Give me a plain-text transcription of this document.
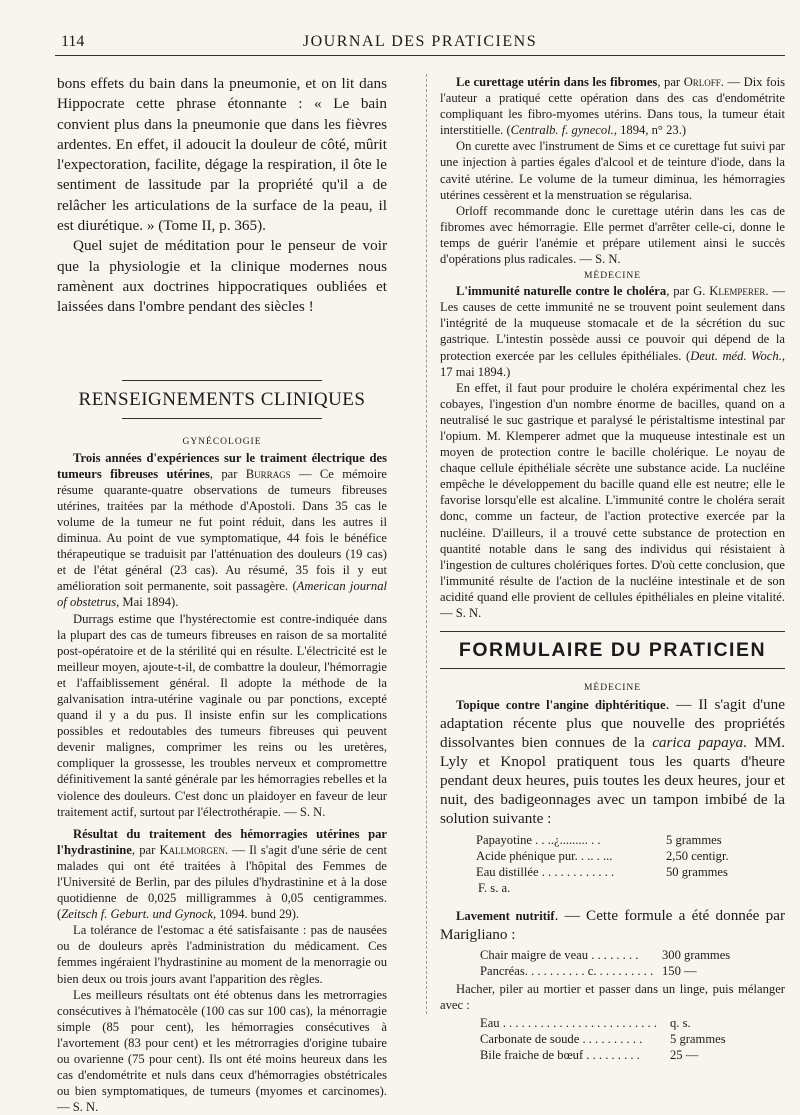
114	JOURNAL DES PRATICIENS

bons effets du bain dans la pneumonie, et on lit dans Hippocrate cette phrase étonnante : « Le bain convient plus dans la pneumonie que dans les fièvres ardentes. En effet, il adoucit la douleur de côté, mûrit l'expectoration, facilite, dégage la respiration, il ôte le sentiment de lassitude par la propriété qu'il a de relâcher les articulations de la surface de la peau, il est diurétique. » (Tome II, p. 365).

Quel sujet de méditation pour le penseur de voir que la physiologie et la clinique modernes nous ramènent aux doctrines hippocratiques oubliées et laissées dans l'ombre pendant des siècles !

RENSEIGNEMENTS CLINIQUES
GYNÉCOLOGIE

Trois années d'expériences sur le traiment électrique des tumeurs fibreuses utérines, par Burrags — Ce mémoire résume quarante-quatre observations de tumeurs fibreuses utérines, traitées par la méthode d'Apostoli. Dans 35 cas le volume de la tumeur ne fut point réduit, dans les autres il diminua. Au point de vue symptomatique, 44 fois le bénéfice thérapeutique se traduisit par l'atténuation des douleurs (19 cas) et de l'état général (23 cas). Au résumé, 35 fois il y eut amélioration soit permanente, soit passagère. (American journal of obstetrus, Mai 1894).

Durrags estime que l'hystérectomie est contre-indiquée dans la plupart des cas de tumeurs fibreuses en raison de sa mortalité post-opératoire et de la stérilité qui en résulte. L'électricité est le meilleur moyen, ajoute-t-il, de combattre la douleur, l'hémorragie et l'affaiblissement général. Il adopte la méthode de la galvanisation intra-utérine vaginale ou par ponctions, excepté quand il y a du pus. Il insiste enfin sur les complications possibles et redoutables des tumeurs fibreuses qui peuvent devenir malignes, comprimer les reins ou les uretères, compliquer la grossesse, les troubles nerveux et compromettre définitivement la santé générale par les hémorragies rebelles et la violence des douleurs. C'est donc un plaidoyer en faveur de leur traitement actif, surtout par l'électrothérapie. — S. N.

Résultat du traitement des hémorragies utérines par l'hydrastinine, par Kallmorgen. — Il s'agit d'une série de cent malades qui ont été traitées à l'hôpital des Femmes de l'Université de Berlin, par des pilules d'hydrastinine et à la dose quotidienne de 0,025 milligrammes à 0,05 centigrammes. (Zeitsch f. Geburt. und Gynock, 1094. bund 29).

La tolérance de l'estomac a été satisfaisante : pas de nausées ou de douleurs après l'administration du médicament. Ces femmes ingéraient l'hydrastinine au moment de la menorragie ou bien deux ou trois jours avant l'apparition des règles.

Les meilleurs résultats ont été obtenus dans les metrorragies consécutives à l'hématocèle (100 cas sur 100 cas), la ménorragie simple (85 pour cent), les hémorragies consécutives à l'avortement (83 pour cent) et les métrorragies d'origine tubaire ou ovarienne (75 pour cent). Ils ont été moins heureux dans les cas d'endométrite et nuls dans ceux d'hémorragies obstétricales ou bien symptomatiques, de tumeurs (myomes et carcinomes). — S. N.

Le curettage utérin dans les fibromes, par Orloff. — Dix fois l'auteur a pratiqué cette opération dans des cas d'endométrite compliquant les fibro-myomes utérins. Dans tous, la tumeur était interstitielle. (Centralb. f. gynecol., 1894, n° 23.)

On curette avec l'instrument de Sims et ce curettage fut suivi par une injection à parties égales d'alcool et de teinture d'iode, dans la cavité utérine. Le volume de la tumeur diminua, les hémorragies utérines cessèrent et la menstruation se régularisa.

Orloff recommande donc le curettage utérin dans les cas de fibromes avec hémorragie. Elle permet d'arrêter celle-ci, donne le temps de guérir l'anémie et prépare utilement ainsi le succès d'opérations plus radicales. — S. N.

MÉDECINE

L'immunité naturelle contre le choléra, par G. Klemperer. — Les causes de cette immunité ne se trouvent point seulement dans l'intégrité de la muqueuse stomacale et de la sécrétion du suc gastrique. L'intestin possède aussi ce pouvoir qui dépend de la protection exercée par les cellules épithéliales. (Deut. méd. Woch., 17 mai 1894.)

En effet, il faut pour produire le choléra expérimental chez les cobayes, l'ingestion d'un nombre énorme de bacilles, quand on a neutralisé le suc gastrique et paralysé le péristaltisme intestinal par l'opium. M. Klemperer admet que la muqueuse intestinale est un moyen de protection contre le bacille cholérique. Le noyau de chaque cellule épithéliale sécrète une substance acide. La nucléine empêche le développement du bacille quand elle est neutre; elle le favorise lorsqu'elle est alcaline. L'immunité contre le choléra serait donc, comme un facteur, de l'action protective exercée par la nucléine. D'ailleurs, il a trouvé cette substance de protection en quantité notable dans le sang des individus qui résistaient à l'ingestion de cultures cholériques fortes. D'où cette conclusion, que l'immunité résulte de l'action de la nucléine intestinale et de son acidité quand elle provient de cellules épithéliales en pleine vitalité. — S. N.

FORMULAIRE DU PRATICIEN
MÉDECINE

Topique contre l'angine diphtéritique. — Il s'agit d'une adaptation récente plus que nouvelle des propriétés dissolvantes bien connues de la carica papaya. MM. Lyly et Knopol pratiquent tous les quarts d'heure pendant deux heures, puis toutes les deux heures, jour et nuit, des badigeonnages avec un tampon imbibé de la solution suivante :

Papayotine . . ..¿......... . .	5 grammes
Acide phénique pur. . .. . ...	2,50 centigr.
Eau distillée . . . . . . . . . . . .	50 grammes
F. s. a.

Lavement nutritif. — Cette formule a été donnée par Marigliano :

Chair maigre de veau . . . . . . . .	300 grammes
Pancréas. . . . . . . . . . c. . . . . . . . . .	150 —

Hacher, piler au mortier et passer dans un linge, puis mélanger avec :

Eau . . . . . . . . . . . . . . . . . . . . . . . . .	q. s.
Carbonate de soude . . . . . . . . . .	5 grammes
Bile fraiche de bœuf . . . . . . . . .	25 —
